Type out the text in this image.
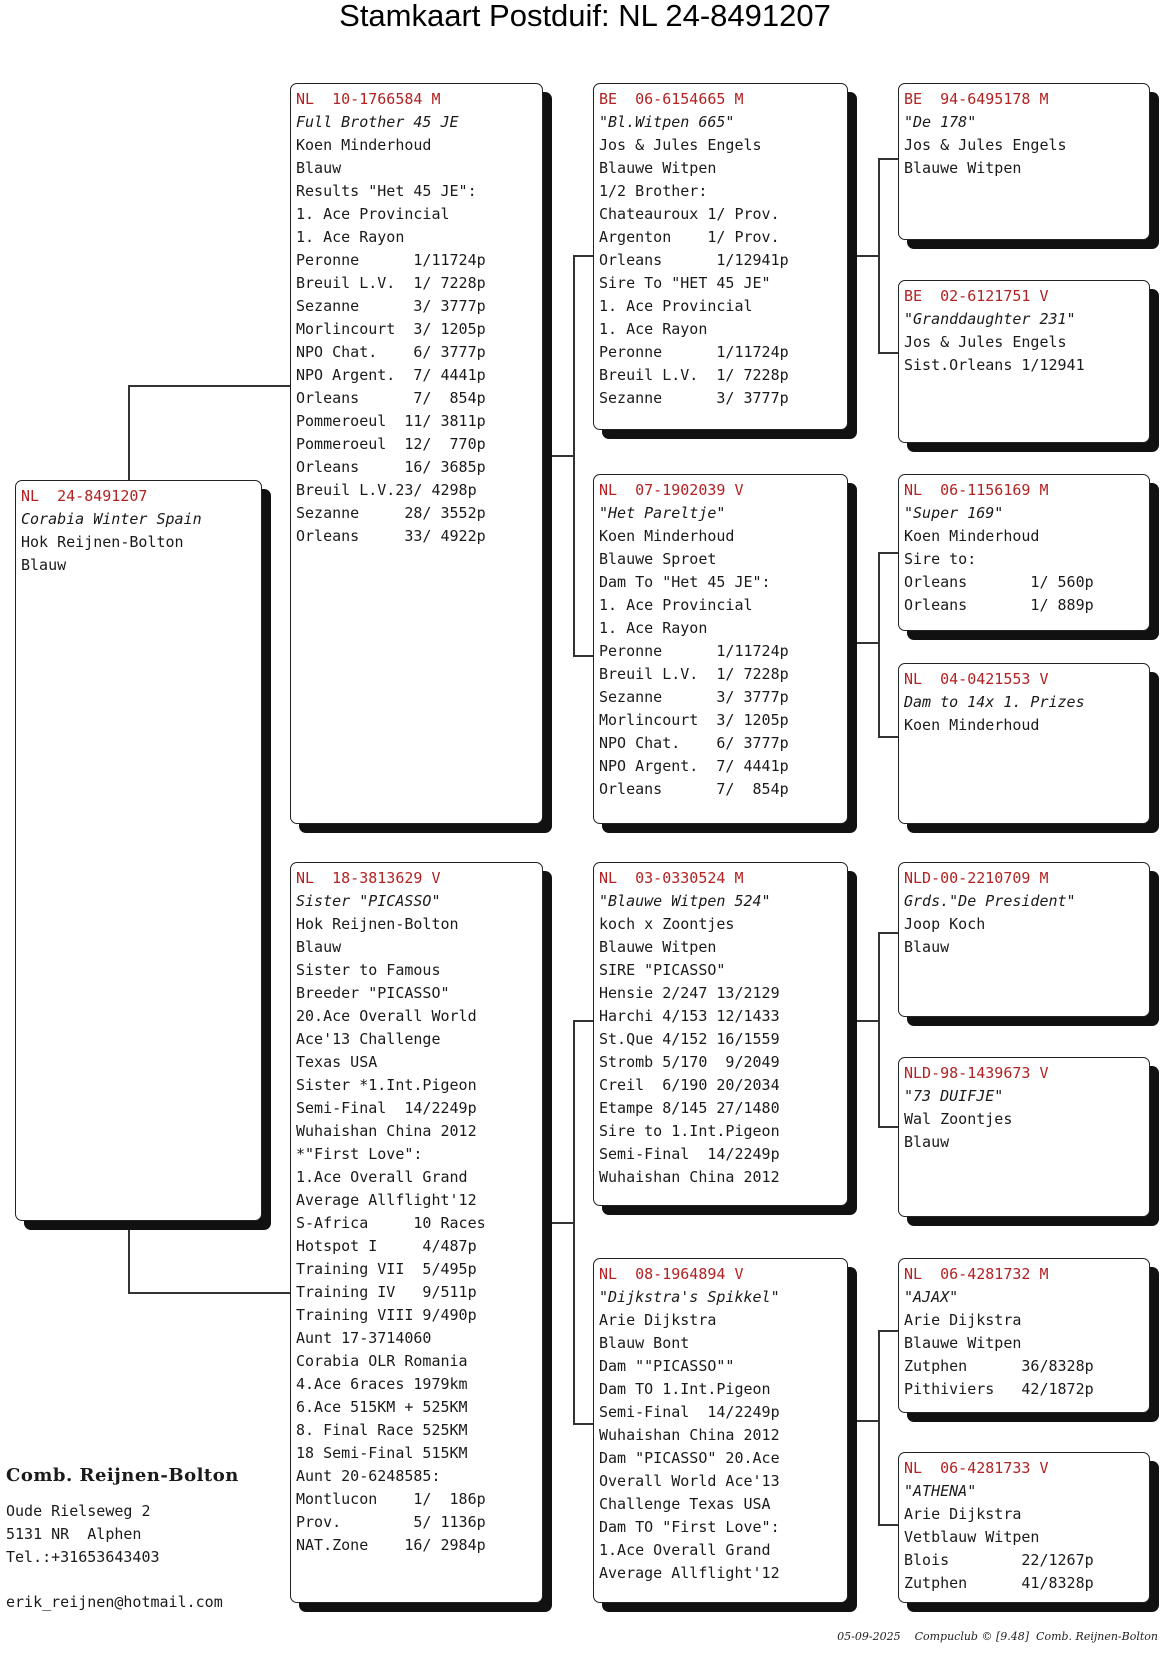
Stamkaart Postduif: NL 24-8491207
NL  24-8491207
Corabia Winter Spain
Hok Reijnen-Bolton
Blauw
NL  10-1766584 M
Full Brother 45 JE
Koen Minderhoud
Blauw
Results "Het 45 JE":
1. Ace Provincial
1. Ace Rayon
Peronne      1/11724p
Breuil L.V.  1/ 7228p
Sezanne      3/ 3777p
Morlincourt  3/ 1205p
NPO Chat.    6/ 3777p
NPO Argent.  7/ 4441p
Orleans      7/  854p
Pommeroeul  11/ 3811p
Pommeroeul  12/  770p
Orleans     16/ 3685p
Breuil L.V.23/ 4298p
Sezanne     28/ 3552p
Orleans     33/ 4922p
NL  18-3813629 V
Sister "PICASSO"
Hok Reijnen-Bolton
Blauw
Sister to Famous
Breeder "PICASSO"
20.Ace Overall World
Ace'13 Challenge
Texas USA
Sister *1.Int.Pigeon
Semi-Final  14/2249p
Wuhaishan China 2012
*"First Love":
1.Ace Overall Grand
Average Allflight'12
S-Africa     10 Races
Hotspot I     4/487p
Training VII  5/495p
Training IV   9/511p
Training VIII 9/490p
Aunt 17-3714060
Corabia OLR Romania
4.Ace 6races 1979km
6.Ace 515KM + 525KM
8. Final Race 525KM
18 Semi-Final 515KM
Aunt 20-6248585:
Montlucon    1/  186p
Prov.        5/ 1136p
NAT.Zone    16/ 2984p
BE  06-6154665 M
"Bl.Witpen 665"
Jos & Jules Engels
Blauwe Witpen
1/2 Brother:
Chateauroux 1/ Prov.
Argenton    1/ Prov.
Orleans      1/12941p
Sire To "HET 45 JE"
1. Ace Provincial
1. Ace Rayon
Peronne      1/11724p
Breuil L.V.  1/ 7228p
Sezanne      3/ 3777p
NL  07-1902039 V
"Het Pareltje"
Koen Minderhoud
Blauwe Sproet
Dam To "Het 45 JE":
1. Ace Provincial
1. Ace Rayon
Peronne      1/11724p
Breuil L.V.  1/ 7228p
Sezanne      3/ 3777p
Morlincourt  3/ 1205p
NPO Chat.    6/ 3777p
NPO Argent.  7/ 4441p
Orleans      7/  854p
NL  03-0330524 M
"Blauwe Witpen 524"
koch x Zoontjes
Blauwe Witpen
SIRE "PICASSO"
Hensie 2/247 13/2129
Harchi 4/153 12/1433
St.Que 4/152 16/1559
Stromb 5/170  9/2049
Creil  6/190 20/2034
Etampe 8/145 27/1480
Sire to 1.Int.Pigeon
Semi-Final  14/2249p
Wuhaishan China 2012
NL  08-1964894 V
"Dijkstra's Spikkel"
Arie Dijkstra
Blauw Bont
Dam ""PICASSO""
Dam TO 1.Int.Pigeon
Semi-Final  14/2249p
Wuhaishan China 2012
Dam "PICASSO" 20.Ace
Overall World Ace'13
Challenge Texas USA
Dam TO "First Love":
1.Ace Overall Grand
Average Allflight'12
BE  94-6495178 M
"De 178"
Jos & Jules Engels
Blauwe Witpen
BE  02-6121751 V
"Granddaughter 231"
Jos & Jules Engels
Sist.Orleans 1/12941
NL  06-1156169 M
"Super 169"
Koen Minderhoud
Sire to:
Orleans       1/ 560p
Orleans       1/ 889p
NL  04-0421553 V
Dam to 14x 1. Prizes
Koen Minderhoud
NLD-00-2210709 M
Grds."De President"
Joop Koch
Blauw
NLD-98-1439673 V
"73 DUIFJE"
Wal Zoontjes
Blauw
NL  06-4281732 M
"AJAX"
Arie Dijkstra
Blauwe Witpen
Zutphen      36/8328p
Pithiviers   42/1872p
NL  06-4281733 V
"ATHENA"
Arie Dijkstra
Vetblauw Witpen
Blois        22/1267p
Zutphen      41/8328p
Comb. Reijnen-Bolton
Oude Rielseweg 2
5131 NR  Alphen
Tel.:+31653643403
erik_reijnen@hotmail.com
05-09-2025    Compuclub © [9.48]  Comb. Reijnen-Bolton
